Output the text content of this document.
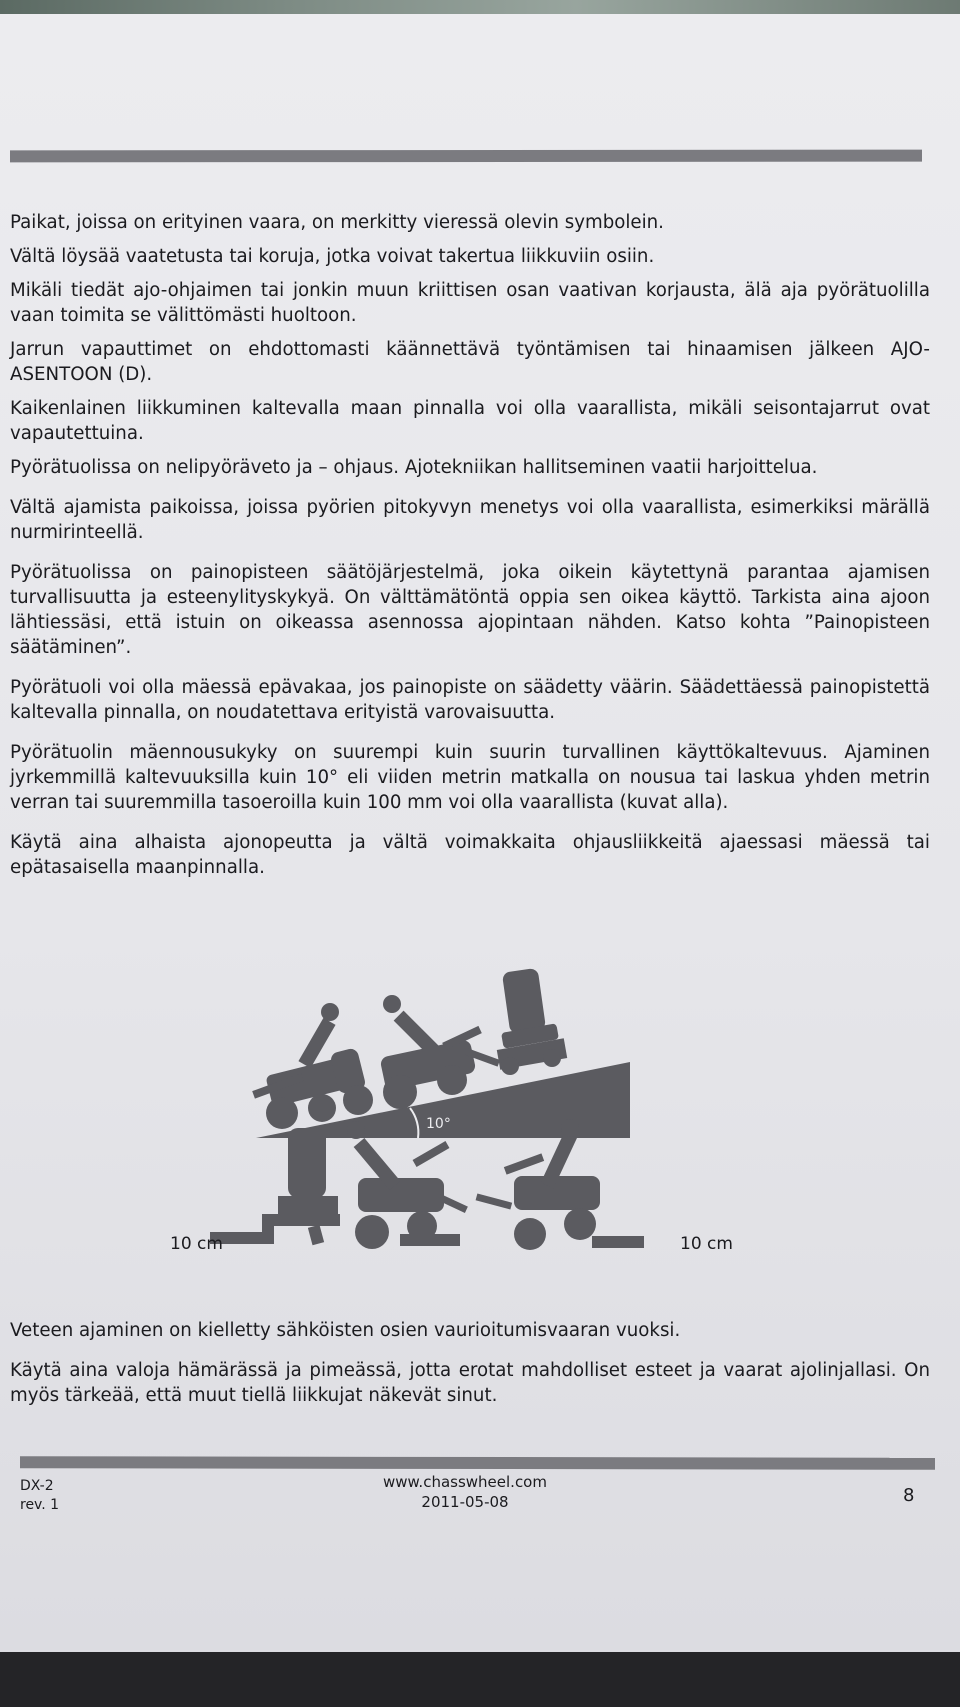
Paikat, joissa on erityinen vaara, on merkitty vieressä olevin symbolein.

Vältä löysää vaatetusta tai koruja, jotka voivat takertua liikkuviin osiin.

Mikäli tiedät ajo-ohjaimen tai jonkin muun kriittisen osan vaativan korjausta, älä aja pyörätuolilla vaan toimita se välittömästi huoltoon.

Jarrun vapauttimet on ehdottomasti käännettävä työntämisen tai hinaamisen jälkeen AJO-ASENTOON (D).

Kaikenlainen liikkuminen kaltevalla maan pinnalla voi olla vaarallista, mikäli seisontajarrut ovat vapautettuina.

Pyörätuolissa on nelipyöräveto ja – ohjaus. Ajotekniikan hallitseminen vaatii harjoittelua.

Vältä ajamista paikoissa, joissa pyörien pitokyvyn menetys voi olla vaarallista, esimerkiksi märällä nurmirinteellä.

Pyörätuolissa on painopisteen säätöjärjestelmä, joka oikein käytettynä parantaa ajamisen turvallisuutta ja esteenylityskykyä. On välttämätöntä oppia sen oikea käyttö. Tarkista aina ajoon lähtiessäsi, että istuin on oikeassa asennossa ajopintaan nähden. Katso kohta ”Painopisteen säätäminen”.

Pyörätuoli voi olla mäessä epävakaa, jos painopiste on säädetty väärin. Säädettäessä painopistettä kaltevalla pinnalla, on noudatettava erityistä varovaisuutta.

Pyörätuolin mäennousukyky on suurempi kuin suurin turvallinen käyttökaltevuus. Ajaminen jyrkemmillä kaltevuuksilla kuin 10° eli viiden metrin matkalla on nousua tai laskua yhden metrin verran tai suuremmilla tasoeroilla kuin 100 mm voi olla vaarallista (kuvat alla).

Käytä aina alhaista ajonopeutta ja vältä voimakkaita ohjausliikkeitä ajaessasi mäessä tai epätasaisella maanpinnalla.

10°
10 cm	10 cm

Veteen ajaminen on kielletty sähköisten osien vaurioitumisvaaran vuoksi.

Käytä aina valoja hämärässä ja pimeässä, jotta erotat mahdolliset esteet ja vaarat ajolinjallasi. On myös tärkeää, että muut tiellä liikkujat näkevät sinut.

DX-2
rev. 1
www.chasswheel.com
2011-05-08	8
